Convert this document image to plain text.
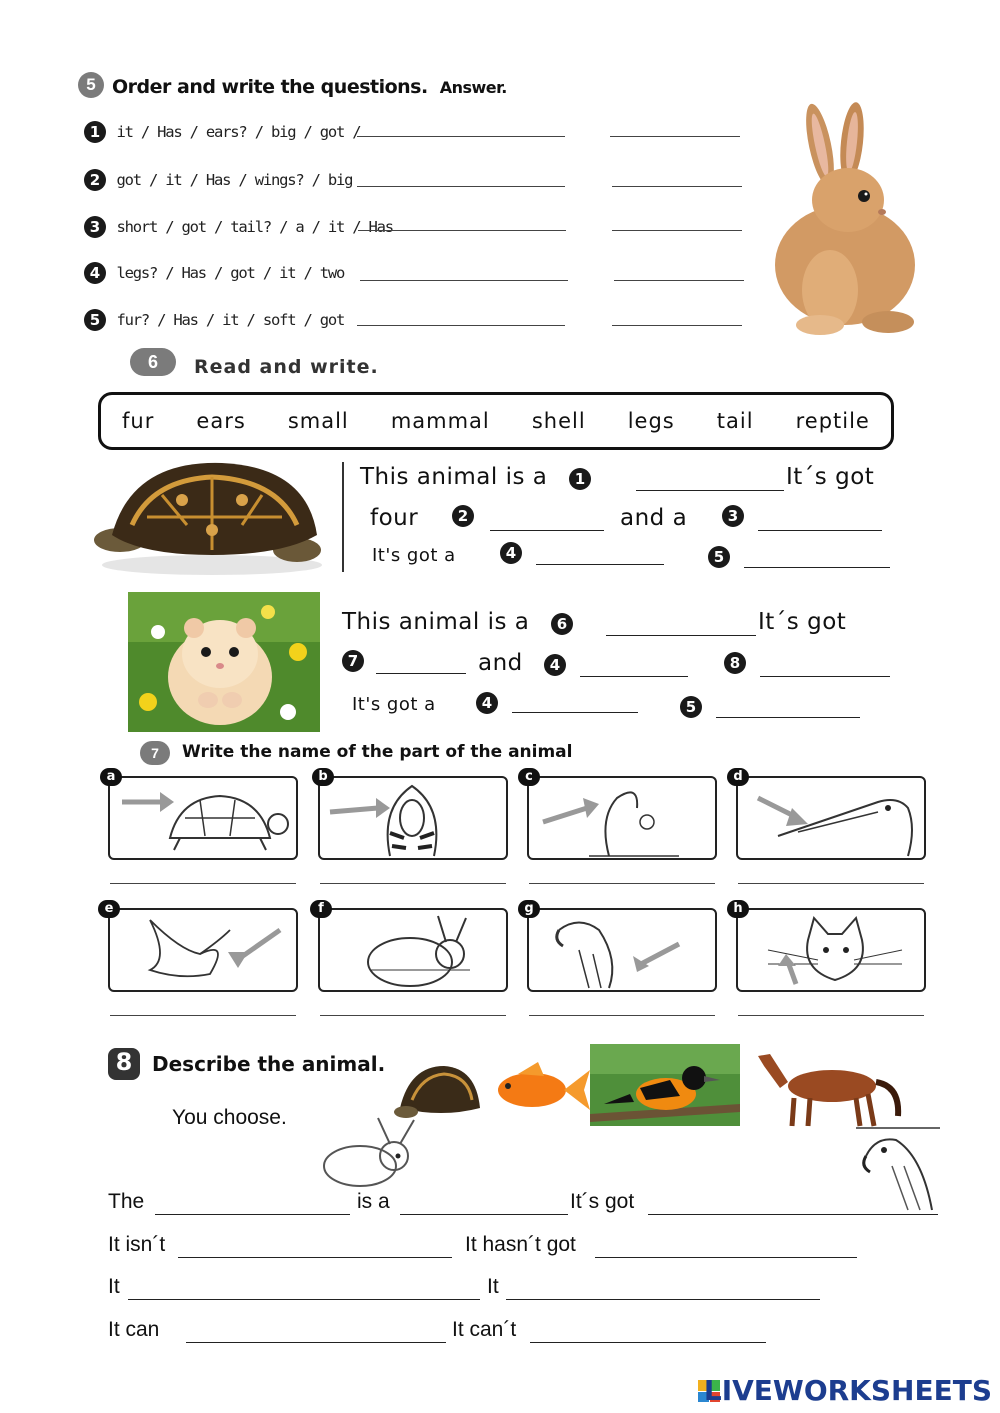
5 Order and write the questions. Answer.
1 it / Has / ears? / big / got /
2 got / it / Has / wings? / big
3 short / got / tail? / a / it / Has
4 legs? / Has / got / it / two
5 fur? / Has / it / soft / got
6	Read and write.
fur ears small mammal shell legs tail reptile
This animal is a 1	It´s got
four	2	and a	3
It's got a	4	5
This animal is a 6	It´s got
7	and	4	8
It's got a	4	5
7	Write the name of the part of the animal
a	b	c	d
e	f	g	h
8 Describe the animal.
You choose.
The	is a	It´s got
It isn´t	It hasn´t got
It	It
It can	It can´t
LIVEWORKSHEETS
